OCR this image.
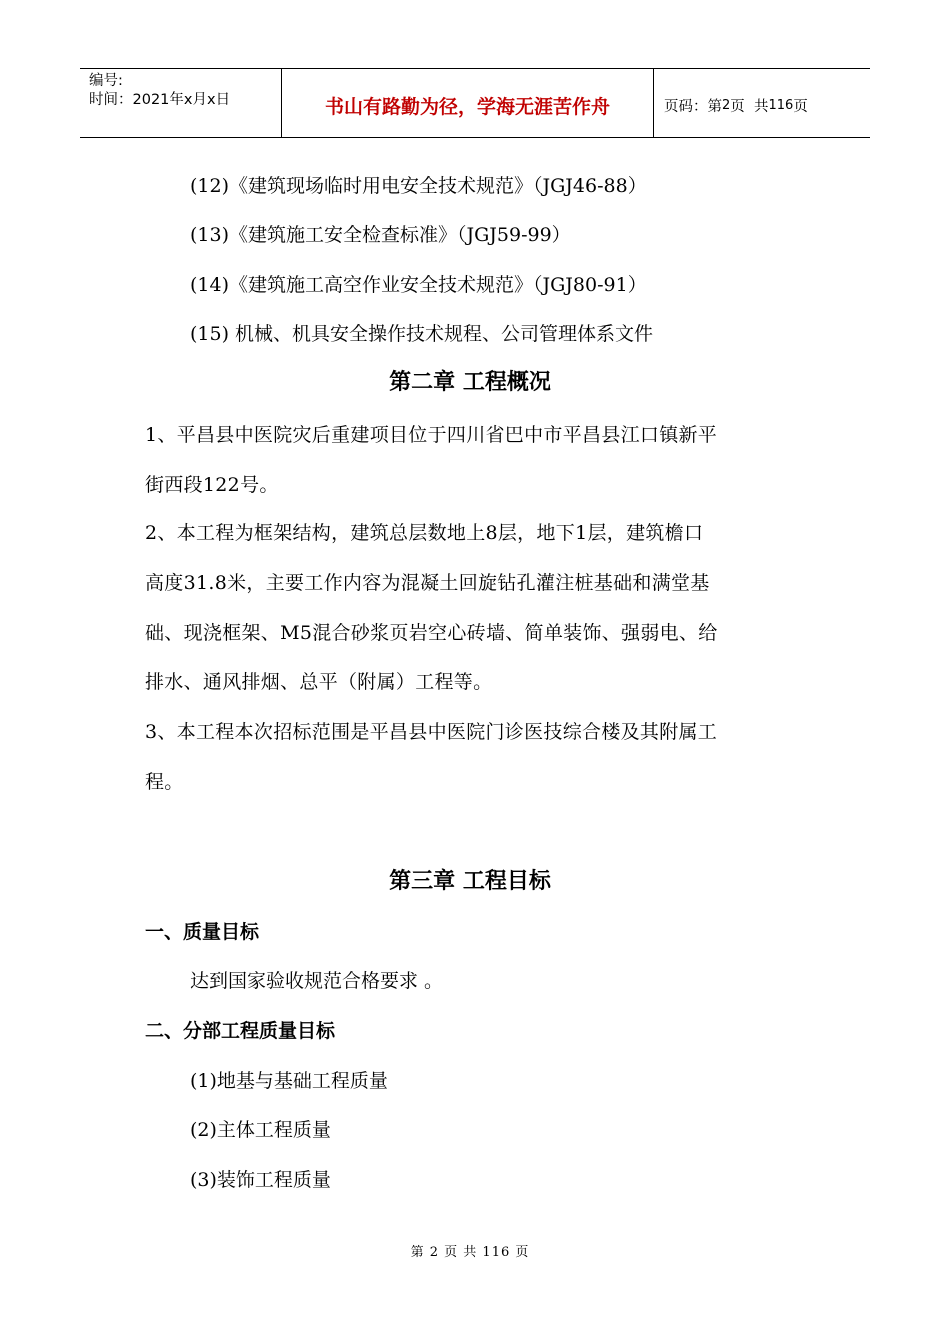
编号:
时间：2021年x月x日	书山有路勤为径，学海无涯苦作舟	页码：第 2 页  共 116 页
(12)《建筑现场临时用电安全技术规范》（JGJ46-88）
(13)《建筑施工安全检查标准》（JGJ59-99）
(14)《建筑施工高空作业安全技术规范》（JGJ80-91）
(15) 机械、机具安全操作技术规程、公司管理体系文件
第二章 工程概况
1、平昌县中医院灾后重建项目位于四川省巴中市平昌县江口镇新平
街西段122号。
2、本工程为框架结构，建筑总层数地上8层，地下1层，建筑檐口
高度31.8米，主要工作内容为混凝土回旋钻孔灌注桩基础和满堂基
础、现浇框架、M5混合砂浆页岩空心砖墙、简单装饰、强弱电、给
排水、通风排烟、总平（附属）工程等。
3、本工程本次招标范围是平昌县中医院门诊医技综合楼及其附属工
程。
第三章 工程目标
一、质量目标
达到国家验收规范合格要求 。
二、分部工程质量目标
(1)地基与基础工程质量
(2)主体工程质量
(3)装饰工程质量
第 2 页 共 116 页
